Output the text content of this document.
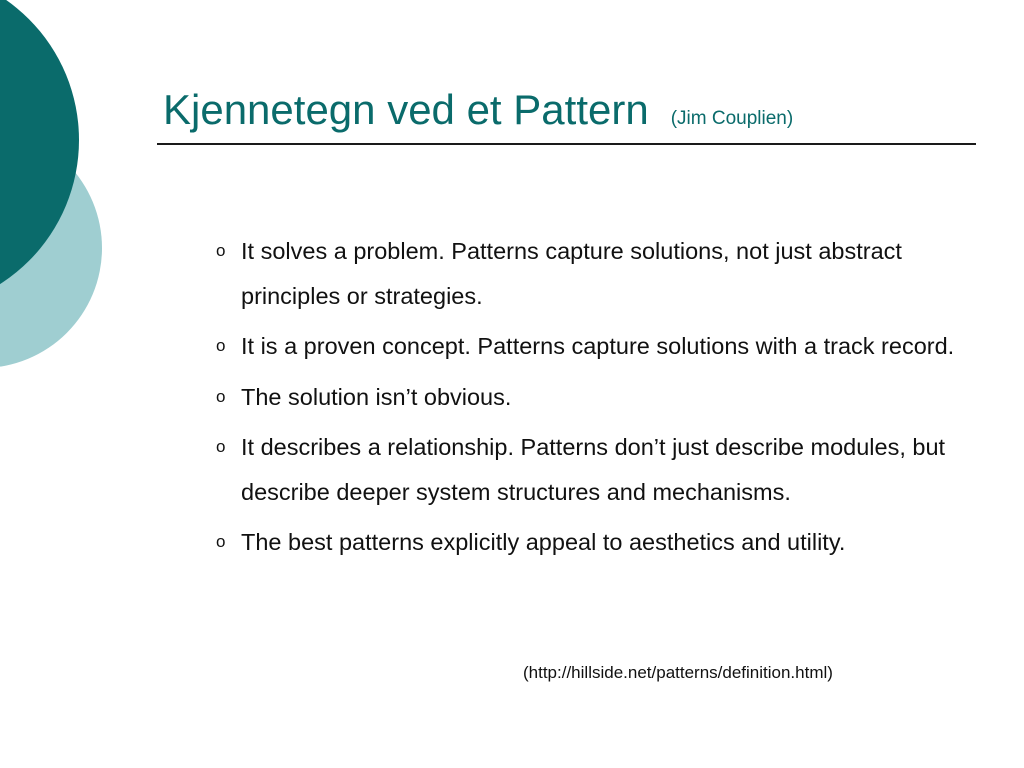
Kjennetegn ved et Pattern (Jim Couplien)
o It solves a problem. Patterns capture solutions, not just abstract principles or strategies.
o It is a proven concept. Patterns capture solutions with a track record.
o The solution isn’t obvious.
o It describes a relationship. Patterns don’t just describe modules, but describe deeper system structures and mechanisms.
o The best patterns explicitly appeal to aesthetics and utility.
(http://hillside.net/patterns/definition.html)
